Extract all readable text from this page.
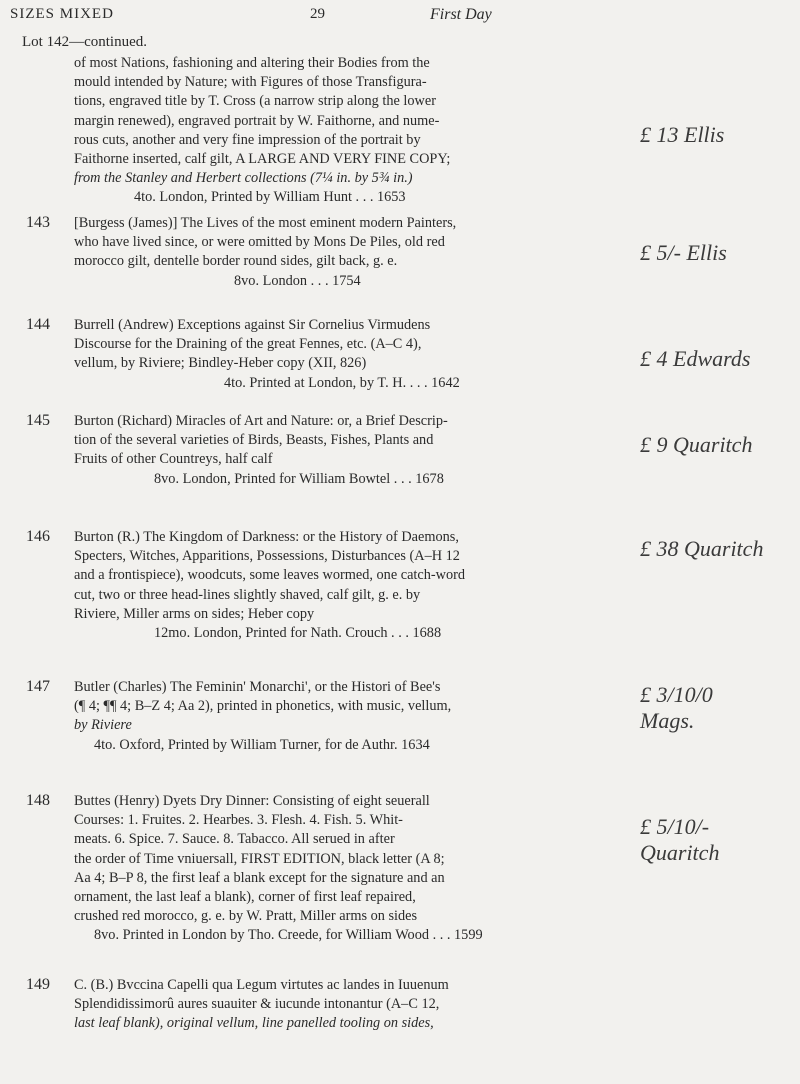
SIZES MIXED	29	First Day
Lot 142—continued.

of most Nations, fashioning and altering their Bodies from the

mould intended by Nature; with Figures of those Transfigura-

tions, engraved title by T. Cross (a narrow strip along the lower

margin renewed), engraved portrait by W. Faithorne, and nume-

rous cuts, another and very fine impression of the portrait by

Faithorne inserted, calf gilt, A LARGE AND VERY FINE COPY;

from the Stanley and Herbert collections (7¼ in. by 5¾ in.)

4to. London, Printed by William Hunt . . . 1653

£ 13 Ellis
143 [Burgess (James)] The Lives of the most eminent modern Painters,

who have lived since, or were omitted by Mons De Piles, old red

morocco gilt, dentelle border round sides, gilt back, g. e.

8vo. London . . . 1754

£ 5/- Ellis
144 Burrell (Andrew) Exceptions against Sir Cornelius Virmudens

Discourse for the Draining of the great Fennes, etc. (A–C 4),

vellum, by Riviere; Bindley-Heber copy (XII, 826)

4to. Printed at London, by T. H. . . . 1642

£ 4 Edwards
145 Burton (Richard) Miracles of Art and Nature: or, a Brief Descrip-

tion of the several varieties of Birds, Beasts, Fishes, Plants and

Fruits of other Countreys, half calf

8vo. London, Printed for William Bowtel . . . 1678

£ 9 Quaritch
146 Burton (R.) The Kingdom of Darkness: or the History of Daemons,

Specters, Witches, Apparitions, Possessions, Disturbances (A–H 12

and a frontispiece), woodcuts, some leaves wormed, one catch-word

cut, two or three head-lines slightly shaved, calf gilt, g. e. by

Riviere, Miller arms on sides; Heber copy

12mo. London, Printed for Nath. Crouch . . . 1688

£ 38 Quaritch
147 Butler (Charles) The Feminin' Monarchi', or the Histori of Bee's

(¶ 4; ¶¶ 4; B–Z 4; Aa 2), printed in phonetics, with music, vellum,

by Riviere

4to. Oxford, Printed by William Turner, for de Authr. 1634

£ 3/10/0
Mags.
148 Buttes (Henry) Dyets Dry Dinner: Consisting of eight seuerall

Courses: 1. Fruites. 2. Hearbes. 3. Flesh. 4. Fish. 5. Whit-

meats. 6. Spice. 7. Sauce. 8. Tabacco. All serued in after

the order of Time vniuersall, FIRST EDITION, black letter (A 8;

Aa 4; B–P 8, the first leaf a blank except for the signature and an

ornament, the last leaf a blank), corner of first leaf repaired,

crushed red morocco, g. e. by W. Pratt, Miller arms on sides

8vo. Printed in London by Tho. Creede, for William Wood . . . 1599

£ 5/10/-
Quaritch
149 C. (B.) Bvccina Capelli qua Legum virtutes ac landes in Iuuenum

Splendidissimorû aures suauiter & iucunde intonantur (A–C 12,

last leaf blank), original vellum, line panelled tooling on sides,
